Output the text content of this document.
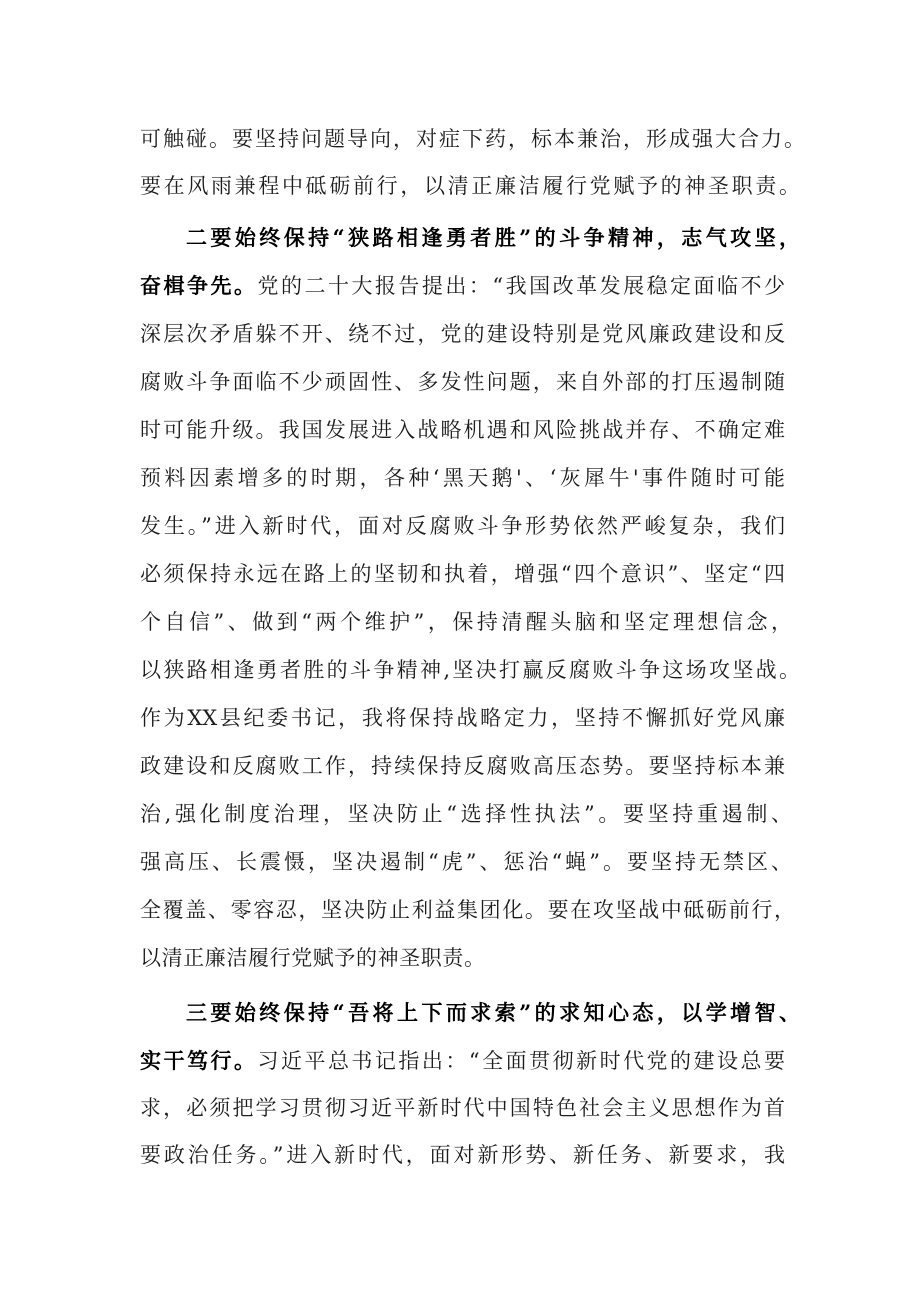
可触碰。要坚持问题导向，对症下药，标本兼治，形成强大合力。
要在风雨兼程中砥砺前行，以清正廉洁履行党赋予的神圣职责。
二要始终保持“狭路相逢勇者胜”的斗争精神，志气攻坚，
奋楫争先。党的二十大报告提出：“我国改革发展稳定面临不少
深层次矛盾躲不开、绕不过，党的建设特别是党风廉政建设和反
腐败斗争面临不少顽固性、多发性问题，来自外部的打压遏制随
时可能升级。我国发展进入战略机遇和风险挑战并存、不确定难
预料因素增多的时期，各种‘黑天鹅'、‘灰犀牛'事件随时可能
发生。”进入新时代，面对反腐败斗争形势依然严峻复杂，我们
必须保持永远在路上的坚韧和执着，增强“四个意识”、坚定“四
个自信”、做到“两个维护”，保持清醒头脑和坚定理想信念，
以狭路相逢勇者胜的斗争精神,坚决打赢反腐败斗争这场攻坚战。
作为XX县纪委书记，我将保持战略定力，坚持不懈抓好党风廉
政建设和反腐败工作，持续保持反腐败高压态势。要坚持标本兼
治,强化制度治理，坚决防止“选择性执法”。要坚持重遏制、
强高压、长震慑，坚决遏制“虎”、惩治“蝇”。要坚持无禁区、
全覆盖、零容忍，坚决防止利益集团化。要在攻坚战中砥砺前行，
以清正廉洁履行党赋予的神圣职责。
三要始终保持“吾将上下而求索”的求知心态，以学增智、
实干笃行。习近平总书记指出：“全面贯彻新时代党的建设总要
求，必须把学习贯彻习近平新时代中国特色社会主义思想作为首
要政治任务。”进入新时代，面对新形势、新任务、新要求，我
